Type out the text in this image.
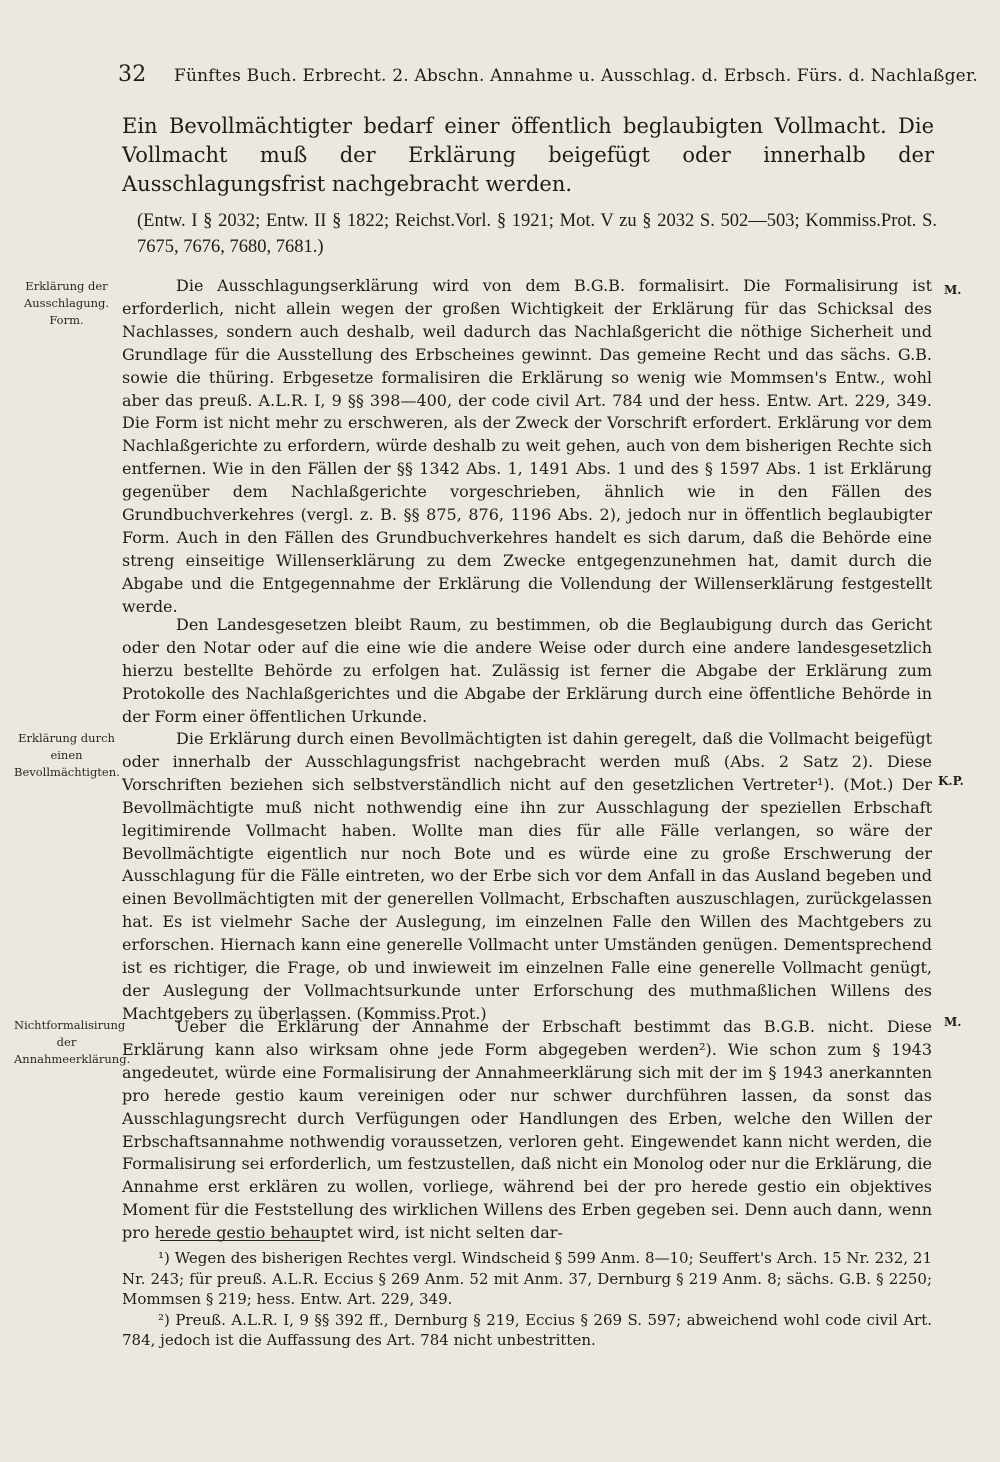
32 Fünftes Buch. Erbrecht. 2. Abschn. Annahme u. Ausschlag. d. Erbsch. Fürs. d. Nachlaßger.
Ein Bevollmächtigter bedarf einer öffentlich beglaubigten Vollmacht. Die Vollmacht muß der Erklärung beigefügt oder innerhalb der Ausschlagungsfrist nachgebracht werden.
(Entw. I § 2032; Entw. II § 1822; Reichst.Vorl. § 1921; Mot. V zu § 2032 S. 502—503; Kommiss.Prot. S. 7675, 7676, 7680, 7681.)
Erklärung der Ausschlagung. Form.
Erklärung durch einen Bevollmächtigten.
Nichtformalisirung der Annahmeerklärung.
M.
K.P.
M.

Die Ausschlagungserklärung wird von dem B.G.B. formalisirt. Die Formalisirung ist erforderlich, nicht allein wegen der großen Wichtigkeit der Erklärung für das Schicksal des Nachlasses, sondern auch deshalb, weil dadurch das Nachlaßgericht die nöthige Sicherheit und Grundlage für die Ausstellung des Erbscheines gewinnt. Das gemeine Recht und das sächs. G.B. sowie die thüring. Erbgesetze formalisiren die Erklärung so wenig wie Mommsen's Entw., wohl aber das preuß. A.L.R. I, 9 §§ 398—400, der code civil Art. 784 und der hess. Entw. Art. 229, 349. Die Form ist nicht mehr zu erschweren, als der Zweck der Vorschrift erfordert. Erklärung vor dem Nachlaßgerichte zu erfordern, würde deshalb zu weit gehen, auch von dem bisherigen Rechte sich entfernen. Wie in den Fällen der §§ 1342 Abs. 1, 1491 Abs. 1 und des § 1597 Abs. 1 ist Erklärung gegenüber dem Nachlaßgerichte vorgeschrieben, ähnlich wie in den Fällen des Grundbuchverkehres (vergl. z. B. §§ 875, 876, 1196 Abs. 2), jedoch nur in öffentlich beglaubigter Form. Auch in den Fällen des Grundbuchverkehres handelt es sich darum, daß die Behörde eine streng einseitige Willenserklärung zu dem Zwecke entgegenzunehmen hat, damit durch die Abgabe und die Entgegennahme der Erklärung die Vollendung der Willenserklärung festgestellt werde.

Den Landesgesetzen bleibt Raum, zu bestimmen, ob die Beglaubigung durch das Gericht oder den Notar oder auf die eine wie die andere Weise oder durch eine andere landesgesetzlich hierzu bestellte Behörde zu erfolgen hat. Zulässig ist ferner die Abgabe der Erklärung zum Protokolle des Nachlaßgerichtes und die Abgabe der Erklärung durch eine öffentliche Behörde in der Form einer öffentlichen Urkunde.

Die Erklärung durch einen Bevollmächtigten ist dahin geregelt, daß die Vollmacht beigefügt oder innerhalb der Ausschlagungsfrist nachgebracht werden muß (Abs. 2 Satz 2). Diese Vorschriften beziehen sich selbstverständlich nicht auf den gesetzlichen Vertreter¹). (Mot.) Der Bevollmächtigte muß nicht nothwendig eine ihn zur Ausschlagung der speziellen Erbschaft legitimirende Vollmacht haben. Wollte man dies für alle Fälle verlangen, so wäre der Bevollmächtigte eigentlich nur noch Bote und es würde eine zu große Erschwerung der Ausschlagung für die Fälle eintreten, wo der Erbe sich vor dem Anfall in das Ausland begeben und einen Bevollmächtigten mit der generellen Vollmacht, Erbschaften auszuschlagen, zurückgelassen hat. Es ist vielmehr Sache der Auslegung, im einzelnen Falle den Willen des Machtgebers zu erforschen. Hiernach kann eine generelle Vollmacht unter Umständen genügen. Dementsprechend ist es richtiger, die Frage, ob und inwieweit im einzelnen Falle eine generelle Vollmacht genügt, der Auslegung der Vollmachtsurkunde unter Erforschung des muthmaßlichen Willens des Machtgebers zu überlassen. (Kommiss.Prot.)

Ueber die Erklärung der Annahme der Erbschaft bestimmt das B.G.B. nicht. Diese Erklärung kann also wirksam ohne jede Form abgegeben werden²). Wie schon zum § 1943 angedeutet, würde eine Formalisirung der Annahmeerklärung sich mit der im § 1943 anerkannten pro herede gestio kaum vereinigen oder nur schwer durchführen lassen, da sonst das Ausschlagungsrecht durch Verfügungen oder Handlungen des Erben, welche den Willen der Erbschaftsannahme nothwendig voraussetzen, verloren geht. Eingewendet kann nicht werden, die Formalisirung sei erforderlich, um festzustellen, daß nicht ein Monolog oder nur die Erklärung, die Annahme erst erklären zu wollen, vorliege, während bei der pro herede gestio ein objektives Moment für die Feststellung des wirklichen Willens des Erben gegeben sei. Denn auch dann, wenn pro herede gestio behauptet wird, ist nicht selten dar-

¹) Wegen des bisherigen Rechtes vergl. Windscheid § 599 Anm. 8—10; Seuffert's Arch. 15 Nr. 232, 21 Nr. 243; für preuß. A.L.R. Eccius § 269 Anm. 52 mit Anm. 37, Dernburg § 219 Anm. 8; sächs. G.B. § 2250; Mommsen § 219; hess. Entw. Art. 229, 349.

²) Preuß. A.L.R. I, 9 §§ 392 ff., Dernburg § 219, Eccius § 269 S. 597; abweichend wohl code civil Art. 784, jedoch ist die Auffassung des Art. 784 nicht unbestritten.
